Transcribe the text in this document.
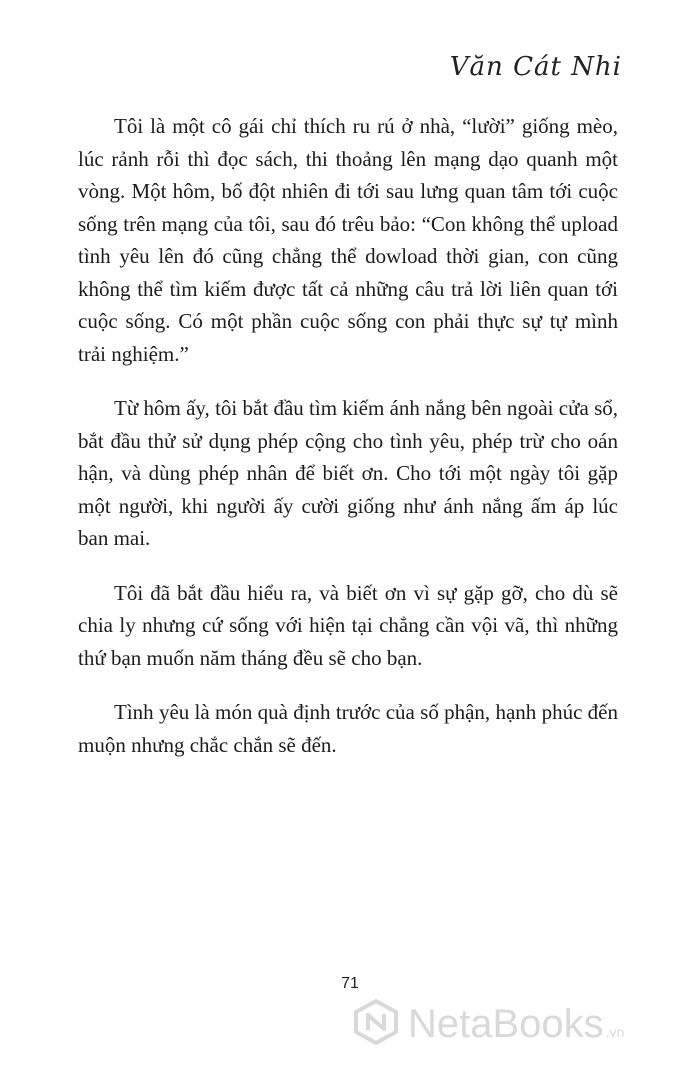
Văn Cát Nhi

Tôi là một cô gái chỉ thích ru rú ở nhà, “lười” giống mèo, lúc rảnh rỗi thì đọc sách, thi thoảng lên mạng dạo quanh một vòng. Một hôm, bố đột nhiên đi tới sau lưng quan tâm tới cuộc sống trên mạng của tôi, sau đó trêu bảo: “Con không thể upload tình yêu lên đó cũng chẳng thể dowload thời gian, con cũng không thể tìm kiếm được tất cả những câu trả lời liên quan tới cuộc sống. Có một phần cuộc sống con phải thực sự tự mình trải nghiệm.”

Từ hôm ấy, tôi bắt đầu tìm kiếm ánh nắng bên ngoài cửa sổ, bắt đầu thử sử dụng phép cộng cho tình yêu, phép trừ cho oán hận, và dùng phép nhân để biết ơn. Cho tới một ngày tôi gặp một người, khi người ấy cười giống như ánh nắng ấm áp lúc ban mai.

Tôi đã bắt đầu hiểu ra, và biết ơn vì sự gặp gỡ, cho dù sẽ chia ly nhưng cứ sống với hiện tại chẳng cần vội vã, thì những thứ bạn muốn năm tháng đều sẽ cho bạn.

Tình yêu là món quà định trước của số phận, hạnh phúc đến muộn nhưng chắc chắn sẽ đến.

71
NetaBooks .vn
